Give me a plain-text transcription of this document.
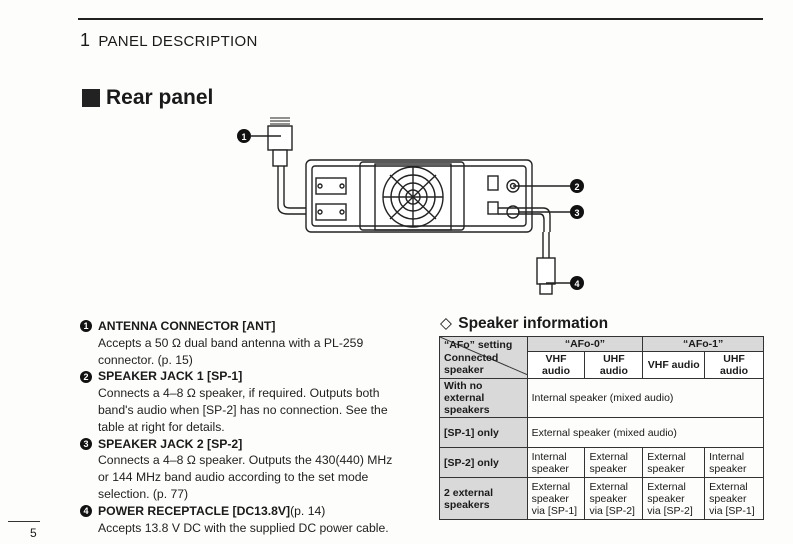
1 PANEL DESCRIPTION
Rear panel
1
2
3
4
1 ANTENNA CONNECTOR [ANT]
Accepts a 50 Ω dual band antenna with a PL-259
connector. (p. 15)
2 SPEAKER JACK 1 [SP-1]
Connects a 4–8 Ω speaker, if required. Outputs both
band's audio when [SP-2] has no connection. See the
table at right for details.
3 SPEAKER JACK 2 [SP-2]
Connects a 4–8 Ω speaker. Outputs the 430(440) MHz
or 144 MHz band audio according to the set mode
selection. (p. 77)
4 POWER RECEPTACLE [DC13.8V] (p. 14)
Accepts 13.8 V DC with the supplied DC power cable.
◇ Speaker information
“AFo” setting
Connected speaker	“AFo-0”		“AFo-1”	
	VHF audio	UHF audio	VHF audio	UHF audio
With no external speakers	Internal speaker (mixed audio)			
[SP-1] only	External speaker (mixed audio)			
[SP-2] only	Internal speaker	External speaker	External speaker	Internal speaker
2 external speakers	External speaker via [SP-1]	External speaker via [SP-2]	External speaker via [SP-2]	External speaker via [SP-1]
5
